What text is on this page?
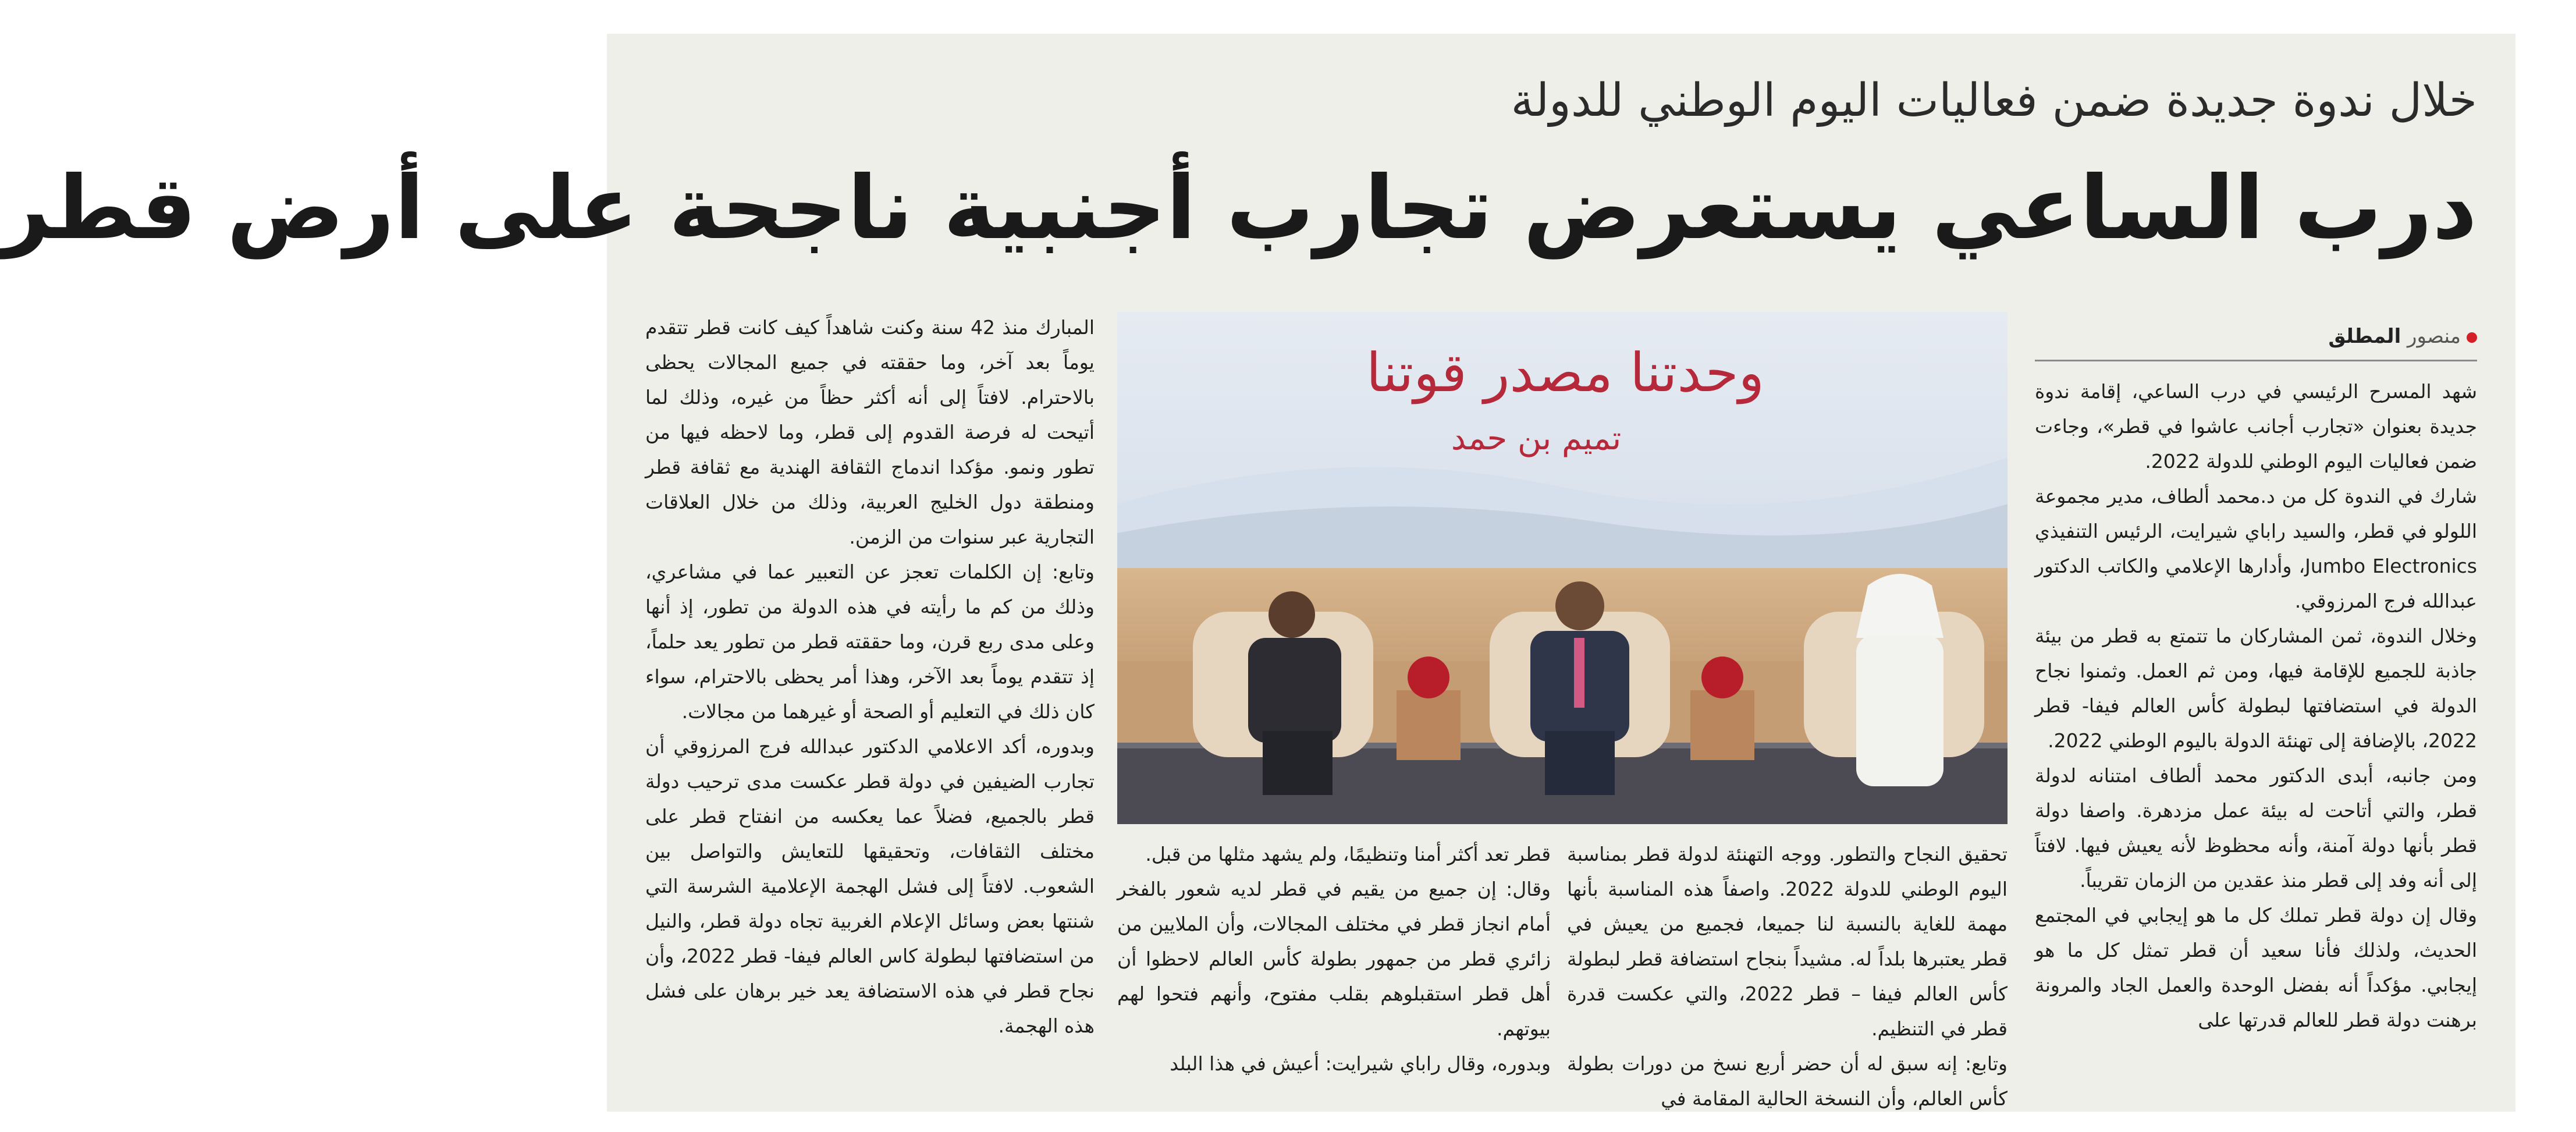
خلال ندوة جديدة ضمن فعاليات اليوم الوطني للدولة
درب الساعي يستعرض تجارب أجنبية ناجحة على أرض قطر
منصور المطلق

شهد المسرح الرئيسي في درب الساعي، إقامة ندوة جديدة بعنوان «تجارب أجانب عاشوا في قطر»، وجاءت ضمن فعاليات اليوم الوطني للدولة 2022.

شارك في الندوة كل من د.محمد ألطاف، مدير مجموعة اللولو في قطر، والسيد راباي شيرايت، الرئيس التنفيذي Jumbo Electronics، وأدارها الإعلامي والكاتب الدكتور عبدالله فرج المرزوقي.

وخلال الندوة، ثمن المشاركان ما تتمتع به قطر من بيئة جاذبة للجميع للإقامة فيها، ومن ثم العمل. وثمنوا نجاح الدولة في استضافتها لبطولة كأس العالم فيفا- قطر 2022، بالإضافة إلى تهنئة الدولة باليوم الوطني 2022.

ومن جانبه، أبدى الدكتور محمد ألطاف امتنانه لدولة قطر، والتي أتاحت له بيئة عمل مزدهرة. واصفا دولة قطر بأنها دولة آمنة، وأنه محظوظ لأنه يعيش فيها. لافتاً إلى أنه وفد إلى قطر منذ عقدين من الزمان تقريباً.

وقال إن دولة قطر تملك كل ما هو إيجابي في المجتمع الحديث، ولذلك فأنا سعيد أن قطر تمثل كل ما هو إيجابي. مؤكداً أنه بفضل الوحدة والعمل الجاد والمرونة برهنت دولة قطر للعالم قدرتها على

وحدتنا مصدر قوتنا
تميم بن حمد

تحقيق النجاح والتطور. ووجه التهنئة لدولة قطر بمناسبة اليوم الوطني للدولة 2022. واصفاً هذه المناسبة بأنها مهمة للغاية بالنسبة لنا جميعا، فجميع من يعيش في قطر يعتبرها بلداً له. مشيداً بنجاح استضافة قطر لبطولة كأس العالم فيفا – قطر 2022، والتي عكست قدرة قطر في التنظيم.

وتابع: إنه سبق له أن حضر أربع نسخ من دورات بطولة كأس العالم، وأن النسخة الحالية المقامة في

قطر تعد أكثر أمنا وتنظيمًا، ولم يشهد مثلها من قبل.

وقال: إن جميع من يقيم في قطر لديه شعور بالفخر أمام انجاز قطر في مختلف المجالات، وأن الملايين من زائري قطر من جمهور بطولة كأس العالم لاحظوا أن أهل قطر استقبلوهم بقلب مفتوح، وأنهم فتحوا لهم بيوتهم.

وبدوره، وقال راباي شيرايت: أعيش في هذا البلد

المبارك منذ 42 سنة وكنت شاهداً كيف كانت قطر تتقدم يوماً بعد آخر، وما حققته في جميع المجالات يحظى بالاحترام. لافتاً إلى أنه أكثر حظاً من غيره، وذلك لما أتيحت له فرصة القدوم إلى قطر، وما لاحظه فيها من تطور ونمو. مؤكدا اندماج الثقافة الهندية مع ثقافة قطر ومنطقة دول الخليج العربية، وذلك من خلال العلاقات التجارية عبر سنوات من الزمن.

وتابع: إن الكلمات تعجز عن التعبير عما في مشاعري، وذلك من كم ما رأيته في هذه الدولة من تطور، إذ أنها وعلى مدى ربع قرن، وما حققته قطر من تطور يعد حلماً، إذ تتقدم يوماً بعد الآخر، وهذا أمر يحظى بالاحترام، سواء كان ذلك في التعليم أو الصحة أو غيرهما من مجالات.

وبدوره، أكد الاعلامي الدكتور عبدالله فرج المرزوقي أن تجارب الضيفين في دولة قطر عكست مدى ترحيب دولة قطر بالجميع، فضلاً عما يعكسه من انفتاح قطر على مختلف الثقافات، وتحقيقها للتعايش والتواصل بين الشعوب. لافتاً إلى فشل الهجمة الإعلامية الشرسة التي شنتها بعض وسائل الإعلام الغربية تجاه دولة قطر، والنيل من استضافتها لبطولة كاس العالم فيفا- قطر 2022، وأن نجاح قطر في هذه الاستضافة يعد خير برهان على فشل هذه الهجمة.
